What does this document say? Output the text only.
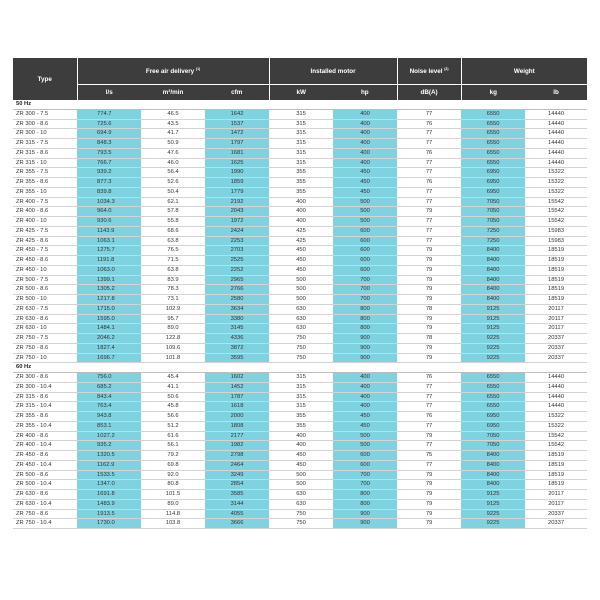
Type	Free air delivery $^{(1)}$			Installed motor		Noise level $^{(2)}$	Weight	
	l/s	m³/min	cfm	kW	hp	dB(A)	kg	lb
50 Hz								
ZR 300 - 7.5	774.7	46.5	1642	315	400	77	6550	14440
ZR 300 - 8.6	725.6	43.5	1537	315	400	76	6550	14440
ZR 300 - 10	694.9	41.7	1472	315	400	77	6550	14440
ZR 315 - 7.5	848.3	50.9	1797	315	400	77	6550	14440
ZR 315 - 8.6	793.5	47.6	1681	315	400	76	6550	14440
ZR 315 - 10	766.7	46.0	1625	315	400	77	6550	14440
ZR 355 - 7.5	939.2	56.4	1990	355	450	77	6950	15322
ZR 355 - 8.6	877.3	52.6	1859	355	450	76	6950	15322
ZR 355 - 10	839.8	50.4	1779	355	450	77	6950	15322
ZR 400 - 7.5	1034.3	62.1	2192	400	500	77	7050	15542
ZR 400 - 8.6	964.0	57.8	2043	400	500	79	7050	15542
ZR 400 - 10	930.6	55.8	1972	400	500	77	7050	15542
ZR 425 - 7.5	1143.9	68.6	2424	425	600	77	7250	15983
ZR 425 - 8.6	1063.1	63.8	2253	425	600	77	7250	15983
ZR 450 - 7.5	1275.7	76.5	2703	450	600	79	8400	18519
ZR 450 - 8.6	1191.8	71.5	2525	450	600	79	8400	18519
ZR 450 - 10	1063.0	63.8	2252	450	600	79	8400	18519
ZR 500 - 7.5	1399.1	83.9	2965	500	700	79	8400	18519
ZR 500 - 8.6	1305.2	78.3	2766	500	700	79	8400	18519
ZR 500 - 10	1217.8	73.1	2580	500	700	79	8400	18519
ZR 630 - 7.5	1715.0	102.9	3634	630	800	78	9125	20117
ZR 630 - 8.6	1595.0	95.7	3380	630	800	79	9125	20117
ZR 630 - 10	1484.1	89.0	3145	630	800	79	9125	20117
ZR 750 - 7.5	2046.2	122.8	4336	750	900	78	9225	20337
ZR 750 - 8.6	1827.4	109.6	3872	750	900	79	9225	20337
ZR 750 - 10	1696.7	101.8	3595	750	900	79	9225	20337
60 Hz								
ZR 300 - 8.6	756.0	45.4	1602	315	400	76	6550	14440
ZR 300 - 10.4	685.2	41.1	1452	315	400	77	6550	14440
ZR 315 - 8.6	843.4	50.6	1787	315	400	77	6550	14440
ZR 315 - 10.4	763.4	45.8	1618	315	400	77	6550	14440
ZR 355 - 8.6	943.8	56.6	2000	355	450	76	6950	15322
ZR 355 - 10.4	853.1	51.2	1808	355	450	77	6950	15322
ZR 400 - 8.6	1027.2	61.6	2177	400	500	79	7050	15542
ZR 400 - 10.4	935.2	56.1	1982	400	500	77	7050	15542
ZR 450 - 8.6	1320.5	79.2	2798	450	600	75	8400	18519
ZR 450 - 10.4	1162.9	69.8	2464	450	600	77	8400	18519
ZR 500 - 8.6	1533.5	92.0	3249	500	700	79	8400	18519
ZR 500 - 10.4	1347.0	80.8	2854	500	700	79	8400	18519
ZR 630 - 8.6	1691.8	101.5	3585	630	800	79	9125	20117
ZR 630 - 10.4	1483.9	89.0	3144	630	800	79	9125	20117
ZR 750 - 8.6	1913.5	114.8	4055	750	900	79	9225	20337
ZR 750 - 10.4	1730.0	103.8	3666	750	900	79	9225	20337
